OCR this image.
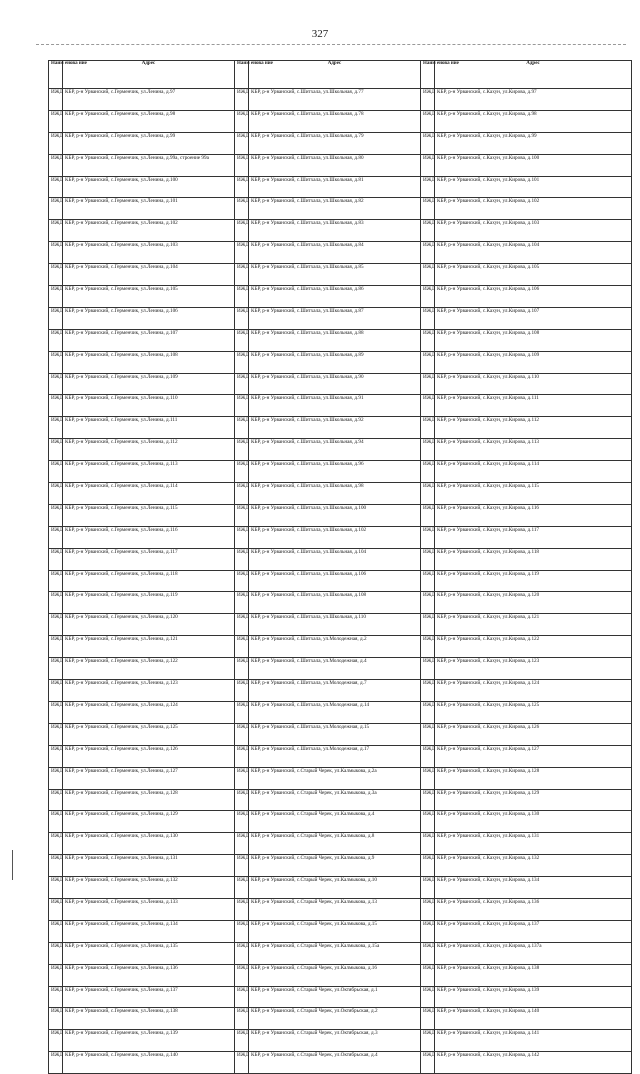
327
Наим енова ние	Адрес	Наим енова ние	Адрес	Наим енова ние	Адрес
ИЖД	КБР, р-н Урванский, с.Герменчик, ул.Ленина, д.97	ИЖД	КБР, р-н Урванский, с.Шитхала, ул.Школьная, д.77	ИЖД	КБР, р-н Урванский, с.Кахун, ул.Кирова, д.97
ИЖД	КБР, р-н Урванский, с.Герменчик, ул.Ленина, д.98	ИЖД	КБР, р-н Урванский, с.Шитхала, ул.Школьная, д.78	ИЖД	КБР, р-н Урванский, с.Кахун, ул.Кирова, д.98
ИЖД	КБР, р-н Урванский, с.Герменчик, ул.Ленина, д.99	ИЖД	КБР, р-н Урванский, с.Шитхала, ул.Школьная, д.79	ИЖД	КБР, р-н Урванский, с.Кахун, ул.Кирова, д.99
ИЖД	КБР, р-н Урванский, с.Герменчик, ул.Ленина, д.99а, строение 99а	ИЖД	КБР, р-н Урванский, с.Шитхала, ул.Школьная, д.80	ИЖД	КБР, р-н Урванский, с.Кахун, ул.Кирова, д.100
ИЖД	КБР, р-н Урванский, с.Герменчик, ул.Ленина, д.100	ИЖД	КБР, р-н Урванский, с.Шитхала, ул.Школьная, д.81	ИЖД	КБР, р-н Урванский, с.Кахун, ул.Кирова, д.101
ИЖД	КБР, р-н Урванский, с.Герменчик, ул.Ленина, д.101	ИЖД	КБР, р-н Урванский, с.Шитхала, ул.Школьная, д.82	ИЖД	КБР, р-н Урванский, с.Кахун, ул.Кирова, д.102
ИЖД	КБР, р-н Урванский, с.Герменчик, ул.Ленина, д.102	ИЖД	КБР, р-н Урванский, с.Шитхала, ул.Школьная, д.83	ИЖД	КБР, р-н Урванский, с.Кахун, ул.Кирова, д.103
ИЖД	КБР, р-н Урванский, с.Герменчик, ул.Ленина, д.103	ИЖД	КБР, р-н Урванский, с.Шитхала, ул.Школьная, д.84	ИЖД	КБР, р-н Урванский, с.Кахун, ул.Кирова, д.104
ИЖД	КБР, р-н Урванский, с.Герменчик, ул.Ленина, д.104	ИЖД	КБР, р-н Урванский, с.Шитхала, ул.Школьная, д.85	ИЖД	КБР, р-н Урванский, с.Кахун, ул.Кирова, д.105
ИЖД	КБР, р-н Урванский, с.Герменчик, ул.Ленина, д.105	ИЖД	КБР, р-н Урванский, с.Шитхала, ул.Школьная, д.86	ИЖД	КБР, р-н Урванский, с.Кахун, ул.Кирова, д.106
ИЖД	КБР, р-н Урванский, с.Герменчик, ул.Ленина, д.106	ИЖД	КБР, р-н Урванский, с.Шитхала, ул.Школьная, д.87	ИЖД	КБР, р-н Урванский, с.Кахун, ул.Кирова, д.107
ИЖД	КБР, р-н Урванский, с.Герменчик, ул.Ленина, д.107	ИЖД	КБР, р-н Урванский, с.Шитхала, ул.Школьная, д.88	ИЖД	КБР, р-н Урванский, с.Кахун, ул.Кирова, д.108
ИЖД	КБР, р-н Урванский, с.Герменчик, ул.Ленина, д.108	ИЖД	КБР, р-н Урванский, с.Шитхала, ул.Школьная, д.89	ИЖД	КБР, р-н Урванский, с.Кахун, ул.Кирова, д.109
ИЖД	КБР, р-н Урванский, с.Герменчик, ул.Ленина, д.109	ИЖД	КБР, р-н Урванский, с.Шитхала, ул.Школьная, д.90	ИЖД	КБР, р-н Урванский, с.Кахун, ул.Кирова, д.110
ИЖД	КБР, р-н Урванский, с.Герменчик, ул.Ленина, д.110	ИЖД	КБР, р-н Урванский, с.Шитхала, ул.Школьная, д.91	ИЖД	КБР, р-н Урванский, с.Кахун, ул.Кирова, д.111
ИЖД	КБР, р-н Урванский, с.Герменчик, ул.Ленина, д.111	ИЖД	КБР, р-н Урванский, с.Шитхала, ул.Школьная, д.92	ИЖД	КБР, р-н Урванский, с.Кахун, ул.Кирова, д.112
ИЖД	КБР, р-н Урванский, с.Герменчик, ул.Ленина, д.112	ИЖД	КБР, р-н Урванский, с.Шитхала, ул.Школьная, д.94	ИЖД	КБР, р-н Урванский, с.Кахун, ул.Кирова, д.113
ИЖД	КБР, р-н Урванский, с.Герменчик, ул.Ленина, д.113	ИЖД	КБР, р-н Урванский, с.Шитхала, ул.Школьная, д.96	ИЖД	КБР, р-н Урванский, с.Кахун, ул.Кирова, д.114
ИЖД	КБР, р-н Урванский, с.Герменчик, ул.Ленина, д.114	ИЖД	КБР, р-н Урванский, с.Шитхала, ул.Школьная, д.98	ИЖД	КБР, р-н Урванский, с.Кахун, ул.Кирова, д.115
ИЖД	КБР, р-н Урванский, с.Герменчик, ул.Ленина, д.115	ИЖД	КБР, р-н Урванский, с.Шитхала, ул.Школьная, д.100	ИЖД	КБР, р-н Урванский, с.Кахун, ул.Кирова, д.116
ИЖД	КБР, р-н Урванский, с.Герменчик, ул.Ленина, д.116	ИЖД	КБР, р-н Урванский, с.Шитхала, ул.Школьная, д.102	ИЖД	КБР, р-н Урванский, с.Кахун, ул.Кирова, д.117
ИЖД	КБР, р-н Урванский, с.Герменчик, ул.Ленина, д.117	ИЖД	КБР, р-н Урванский, с.Шитхала, ул.Школьная, д.104	ИЖД	КБР, р-н Урванский, с.Кахун, ул.Кирова, д.118
ИЖД	КБР, р-н Урванский, с.Герменчик, ул.Ленина, д.118	ИЖД	КБР, р-н Урванский, с.Шитхала, ул.Школьная, д.106	ИЖД	КБР, р-н Урванский, с.Кахун, ул.Кирова, д.119
ИЖД	КБР, р-н Урванский, с.Герменчик, ул.Ленина, д.119	ИЖД	КБР, р-н Урванский, с.Шитхала, ул.Школьная, д.108	ИЖД	КБР, р-н Урванский, с.Кахун, ул.Кирова, д.120
ИЖД	КБР, р-н Урванский, с.Герменчик, ул.Ленина, д.120	ИЖД	КБР, р-н Урванский, с.Шитхала, ул.Школьная, д.110	ИЖД	КБР, р-н Урванский, с.Кахун, ул.Кирова, д.121
ИЖД	КБР, р-н Урванский, с.Герменчик, ул.Ленина, д.121	ИЖД	КБР, р-н Урванский, с.Шитхала, ул.Молодежная, д.2	ИЖД	КБР, р-н Урванский, с.Кахун, ул.Кирова, д.122
ИЖД	КБР, р-н Урванский, с.Герменчик, ул.Ленина, д.122	ИЖД	КБР, р-н Урванский, с.Шитхала, ул.Молодежная, д.4	ИЖД	КБР, р-н Урванский, с.Кахун, ул.Кирова, д.123
ИЖД	КБР, р-н Урванский, с.Герменчик, ул.Ленина, д.123	ИЖД	КБР, р-н Урванский, с.Шитхала, ул.Молодежная, д.7	ИЖД	КБР, р-н Урванский, с.Кахун, ул.Кирова, д.124
ИЖД	КБР, р-н Урванский, с.Герменчик, ул.Ленина, д.124	ИЖД	КБР, р-н Урванский, с.Шитхала, ул.Молодежная, д.14	ИЖД	КБР, р-н Урванский, с.Кахун, ул.Кирова, д.125
ИЖД	КБР, р-н Урванский, с.Герменчик, ул.Ленина, д.125	ИЖД	КБР, р-н Урванский, с.Шитхала, ул.Молодежная, д.15	ИЖД	КБР, р-н Урванский, с.Кахун, ул.Кирова, д.126
ИЖД	КБР, р-н Урванский, с.Герменчик, ул.Ленина, д.126	ИЖД	КБР, р-н Урванский, с.Шитхала, ул.Молодежная, д.17	ИЖД	КБР, р-н Урванский, с.Кахун, ул.Кирова, д.127
ИЖД	КБР, р-н Урванский, с.Герменчик, ул.Ленина, д.127	ИЖД	КБР, р-н Урванский, с.Старый Черек, ул.Калмыкова, д.2а	ИЖД	КБР, р-н Урванский, с.Кахун, ул.Кирова, д.128
ИЖД	КБР, р-н Урванский, с.Герменчик, ул.Ленина, д.128	ИЖД	КБР, р-н Урванский, с.Старый Черек, ул.Калмыкова, д.3а	ИЖД	КБР, р-н Урванский, с.Кахун, ул.Кирова, д.129
ИЖД	КБР, р-н Урванский, с.Герменчик, ул.Ленина, д.129	ИЖД	КБР, р-н Урванский, с.Старый Черек, ул.Калмыкова, д.4	ИЖД	КБР, р-н Урванский, с.Кахун, ул.Кирова, д.130
ИЖД	КБР, р-н Урванский, с.Герменчик, ул.Ленина, д.130	ИЖД	КБР, р-н Урванский, с.Старый Черек, ул.Калмыкова, д.8	ИЖД	КБР, р-н Урванский, с.Кахун, ул.Кирова, д.131
ИЖД	КБР, р-н Урванский, с.Герменчик, ул.Ленина, д.131	ИЖД	КБР, р-н Урванский, с.Старый Черек, ул.Калмыкова, д.9	ИЖД	КБР, р-н Урванский, с.Кахун, ул.Кирова, д.132
ИЖД	КБР, р-н Урванский, с.Герменчик, ул.Ленина, д.132	ИЖД	КБР, р-н Урванский, с.Старый Черек, ул.Калмыкова, д.10	ИЖД	КБР, р-н Урванский, с.Кахун, ул.Кирова, д.134
ИЖД	КБР, р-н Урванский, с.Герменчик, ул.Ленина, д.133	ИЖД	КБР, р-н Урванский, с.Старый Черек, ул.Калмыкова, д.13	ИЖД	КБР, р-н Урванский, с.Кахун, ул.Кирова, д.136
ИЖД	КБР, р-н Урванский, с.Герменчик, ул.Ленина, д.134	ИЖД	КБР, р-н Урванский, с.Старый Черек, ул.Калмыкова, д.15	ИЖД	КБР, р-н Урванский, с.Кахун, ул.Кирова, д.137
ИЖД	КБР, р-н Урванский, с.Герменчик, ул.Ленина, д.135	ИЖД	КБР, р-н Урванский, с.Старый Черек, ул.Калмыкова, д.15а	ИЖД	КБР, р-н Урванский, с.Кахун, ул.Кирова, д.137а
ИЖД	КБР, р-н Урванский, с.Герменчик, ул.Ленина, д.136	ИЖД	КБР, р-н Урванский, с.Старый Черек, ул.Калмыкова, д.16	ИЖД	КБР, р-н Урванский, с.Кахун, ул.Кирова, д.138
ИЖД	КБР, р-н Урванский, с.Герменчик, ул.Ленина, д.137	ИЖД	КБР, р-н Урванский, с.Старый Черек, ул.Октябрьская, д.1	ИЖД	КБР, р-н Урванский, с.Кахун, ул.Кирова, д.139
ИЖД	КБР, р-н Урванский, с.Герменчик, ул.Ленина, д.138	ИЖД	КБР, р-н Урванский, с.Старый Черек, ул.Октябрьская, д.2	ИЖД	КБР, р-н Урванский, с.Кахун, ул.Кирова, д.140
ИЖД	КБР, р-н Урванский, с.Герменчик, ул.Ленина, д.139	ИЖД	КБР, р-н Урванский, с.Старый Черек, ул.Октябрьская, д.3	ИЖД	КБР, р-н Урванский, с.Кахун, ул.Кирова, д.141
ИЖД	КБР, р-н Урванский, с.Герменчик, ул.Ленина, д.140	ИЖД	КБР, р-н Урванский, с.Старый Черек, ул.Октябрьская, д.4	ИЖД	КБР, р-н Урванский, с.Кахун, ул.Кирова, д.142
